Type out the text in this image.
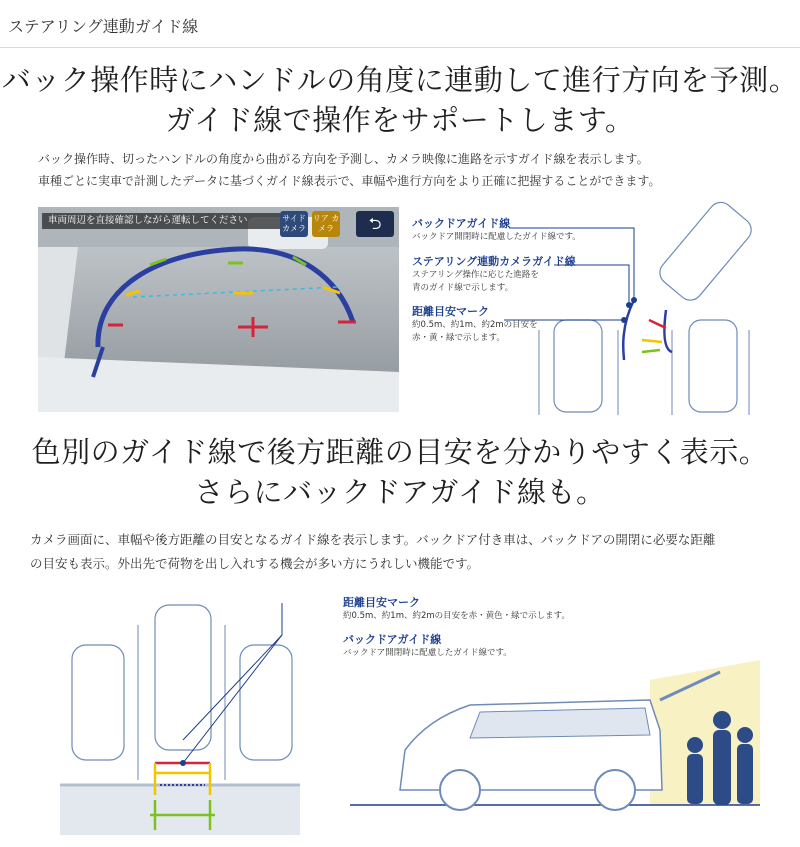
ステアリング連動ガイド線
バック操作時にハンドルの角度に連動して進行方向を予測。
ガイド線で操作をサポートします。
バック操作時、切ったハンドルの角度から曲がる方向を予測し、カメラ映像に進路を示すガイド線を表示します。
車種ごとに実車で計測したデータに基づくガイド線表示で、車幅や進行方向をより正確に把握することができます。
車両周辺を直接確認しながら運転してください	サイド カメラ
リア カメラ	⮌	バックドアガイド線
バックドア開閉時に配慮したガイド線です。
ステアリング連動カメラガイド線
ステアリング操作に応じた進路を
青のガイド線で示します。
距離目安マーク
約0.5m、約1m、約2mの目安を
赤・黄・緑で示します。
色別のガイド線で後方距離の目安を分かりやすく表示。
さらにバックドアガイド線も。
カメラ画面に、車幅や後方距離の目安となるガイド線を表示します。バックドア付き車は、バックドアの開閉に必要な距離
の目安も表示。外出先で荷物を出し入れする機会が多い方にうれしい機能です。
距離目安マーク
約0.5m、約1m、約2mの目安を赤・黄色・緑で示します。
バックドアガイド線
バックドア開閉時に配慮したガイド線です。
